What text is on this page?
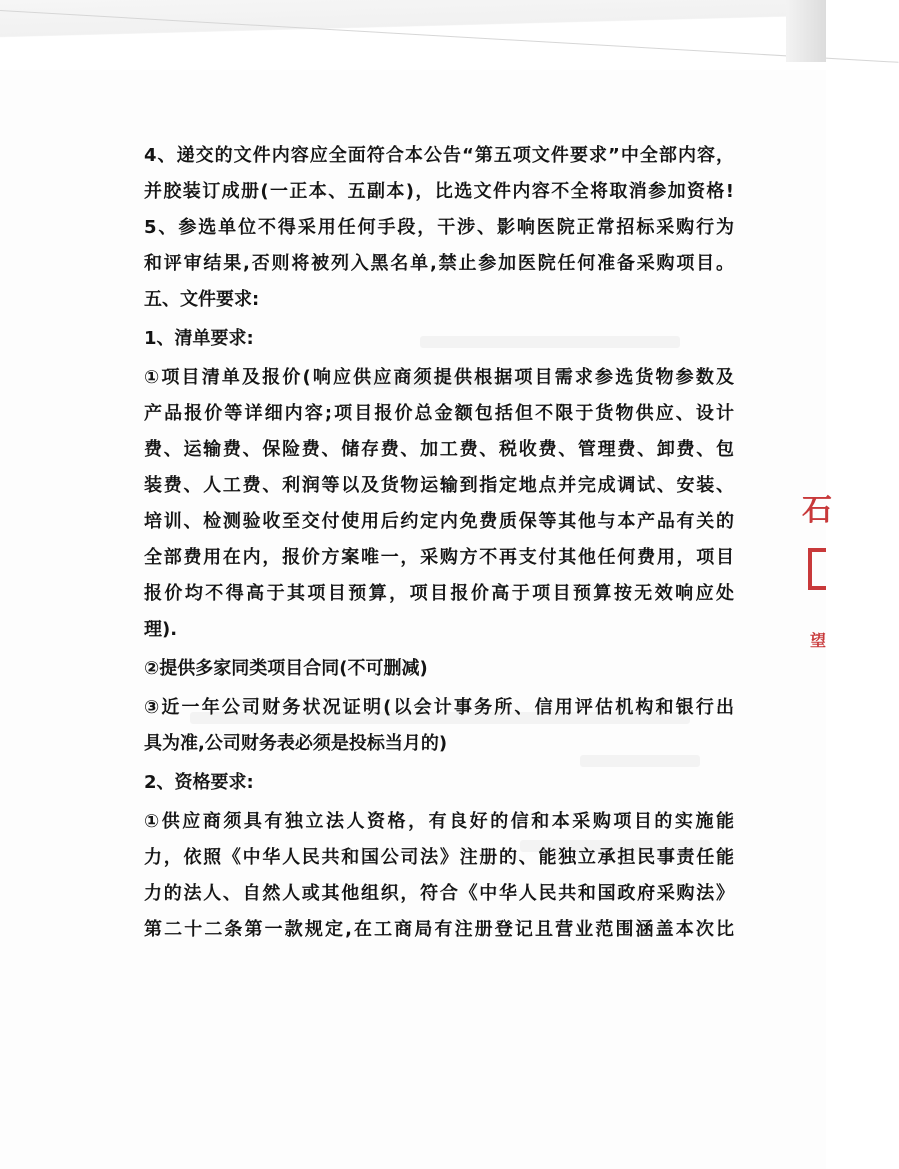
石
望
4、递交的文件内容应全面符合本公告“第五项文件要求”中全部内容，
并胶装订成册(一正本、五副本)，比选文件内容不全将取消参加资格!
5、参选单位不得采用任何手段，干涉、影响医院正常招标采购行为
和评审结果,否则将被列入黑名单,禁止参加医院任何准备采购项目。
五、文件要求:
1、清单要求:
①项目清单及报价(响应供应商须提供根据项目需求参选货物参数及
产品报价等详细内容;项目报价总金额包括但不限于货物供应、设计
费、运输费、保险费、储存费、加工费、税收费、管理费、卸费、包
装费、人工费、利润等以及货物运输到指定地点并完成调试、安装、
培训、检测验收至交付使用后约定内免费质保等其他与本产品有关的
全部费用在内，报价方案唯一，采购方不再支付其他任何费用，项目
报价均不得高于其项目预算，项目报价高于项目预算按无效响应处
理).
②提供多家同类项目合同(不可删减)
③近一年公司财务状况证明(以会计事务所、信用评估机构和银行出
具为准,公司财务表必须是投标当月的)
2、资格要求:
①供应商须具有独立法人资格，有良好的信和本采购项目的实施能
力，依照《中华人民共和国公司法》注册的、能独立承担民事责任能
力的法人、自然人或其他组织，符合《中华人民共和国政府采购法》
第二十二条第一款规定,在工商局有注册登记且营业范围涵盖本次比
